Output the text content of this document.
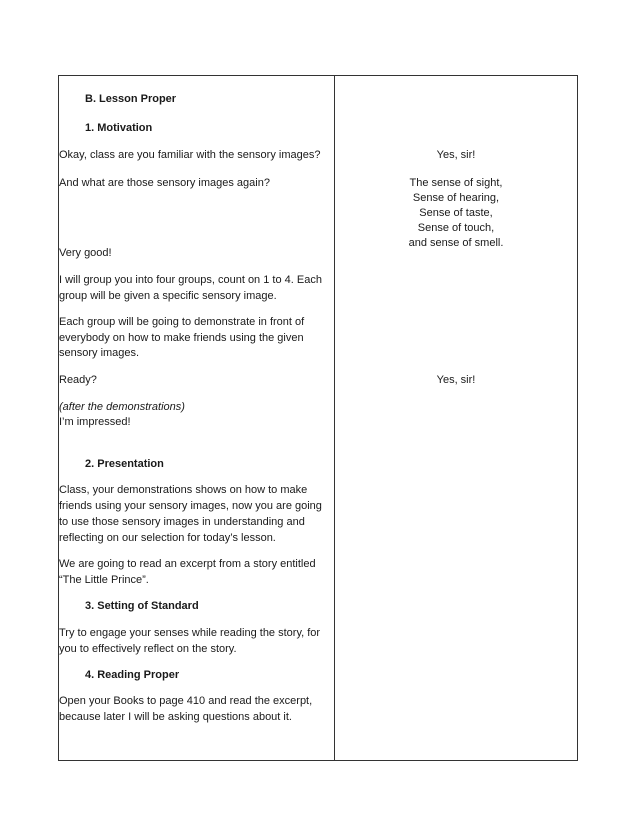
B. Lesson Proper
1. Motivation
Okay, class are you familiar with the sensory images?
And what are those sensory images again?
Very good!
I will group you into four groups, count on 1 to 4. Each
group will be given a specific sensory image.
Each group will be going to demonstrate in front of
everybody on how to make friends using the given
sensory images.
Ready?
(after the demonstrations)
I’m impressed!
2. Presentation
Class, your demonstrations shows on how to make
friends using your sensory images, now you are going
to use those sensory images in understanding and
reflecting on our selection for today’s lesson.
We are going to read an excerpt from a story entitled
“The Little Prince”.
3. Setting of Standard
Try to engage your senses while reading the story, for
you to effectively reflect on the story.
4. Reading Proper
Open your Books to page 410 and read the excerpt,
because later I will be asking questions about it.
Yes, sir!
The sense of sight,
Sense of hearing,
Sense of taste,
Sense of touch,
and sense of smell.
Yes, sir!
